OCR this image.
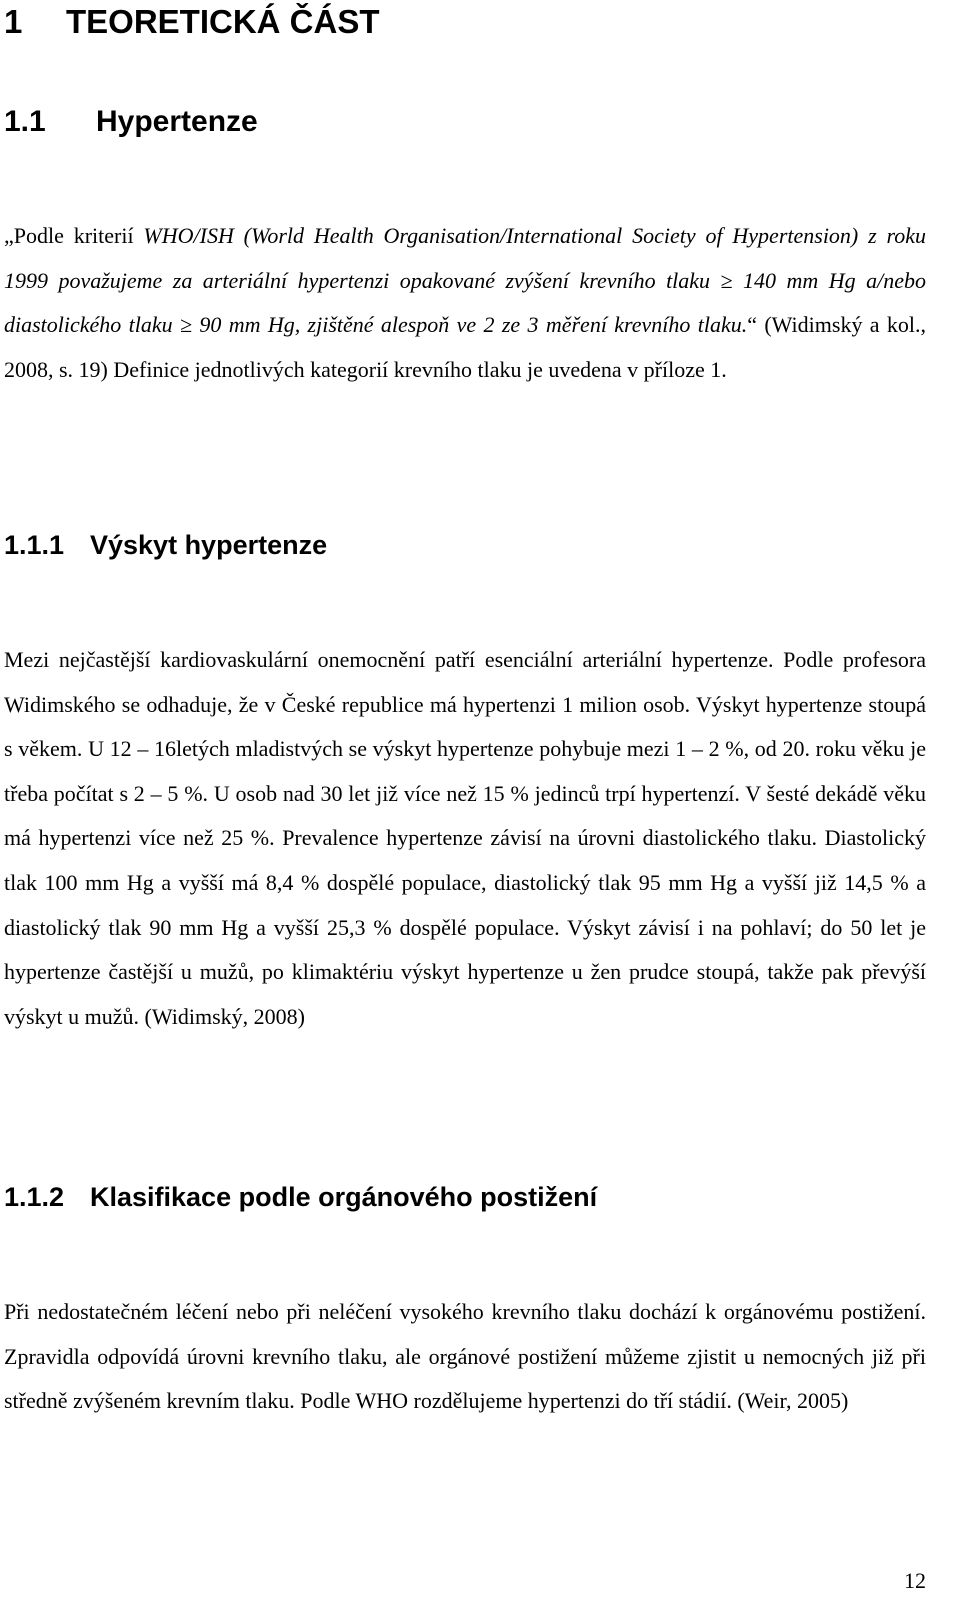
1 TEORETICKÁ ČÁST
1.1 Hypertenze

„Podle kriterií WHO/ISH (World Health Organisation/International Society of Hypertension) z roku 1999 považujeme za arteriální hypertenzi opakované zvýšení krevního tlaku ≥ 140 mm Hg a/nebo diastolického tlaku ≥ 90 mm Hg, zjištěné alespoň ve 2 ze 3 měření krevního tlaku.“ (Widimský a kol., 2008, s. 19) Definice jednotlivých kategorií krevního tlaku je uvedena v příloze 1.

1.1.1 Výskyt hypertenze

Mezi nejčastější kardiovaskulární onemocnění patří esenciální arteriální hypertenze. Podle profesora Widimského se odhaduje, že v České republice má hypertenzi 1 milion osob. Výskyt hypertenze stoupá s věkem. U 12 – 16letých mladistvých se výskyt hypertenze pohybuje mezi 1 – 2 %, od 20. roku věku je třeba počítat s 2 – 5 %. U osob nad 30 let již více než 15 % jedinců trpí hypertenzí. V šesté dekádě věku má hypertenzi více než 25 %. Prevalence hypertenze závisí na úrovni diastolického tlaku. Diastolický tlak 100 mm Hg a vyšší má 8,4 % dospělé populace, diastolický tlak 95 mm Hg a vyšší již 14,5 % a diastolický tlak 90 mm Hg a vyšší 25,3 % dospělé populace. Výskyt závisí i na pohlaví; do 50 let je hypertenze častější u mužů, po klimaktériu výskyt hypertenze u žen prudce stoupá, takže pak převýší výskyt u mužů. (Widimský, 2008)

1.1.2 Klasifikace podle orgánového postižení

Při nedostatečném léčení nebo při neléčení vysokého krevního tlaku dochází k orgánovému postižení. Zpravidla odpovídá úrovni krevního tlaku, ale orgánové postižení můžeme zjistit u nemocných již při středně zvýšeném krevním tlaku. Podle WHO rozdělujeme hypertenzi do tří stádií. (Weir, 2005)

12
